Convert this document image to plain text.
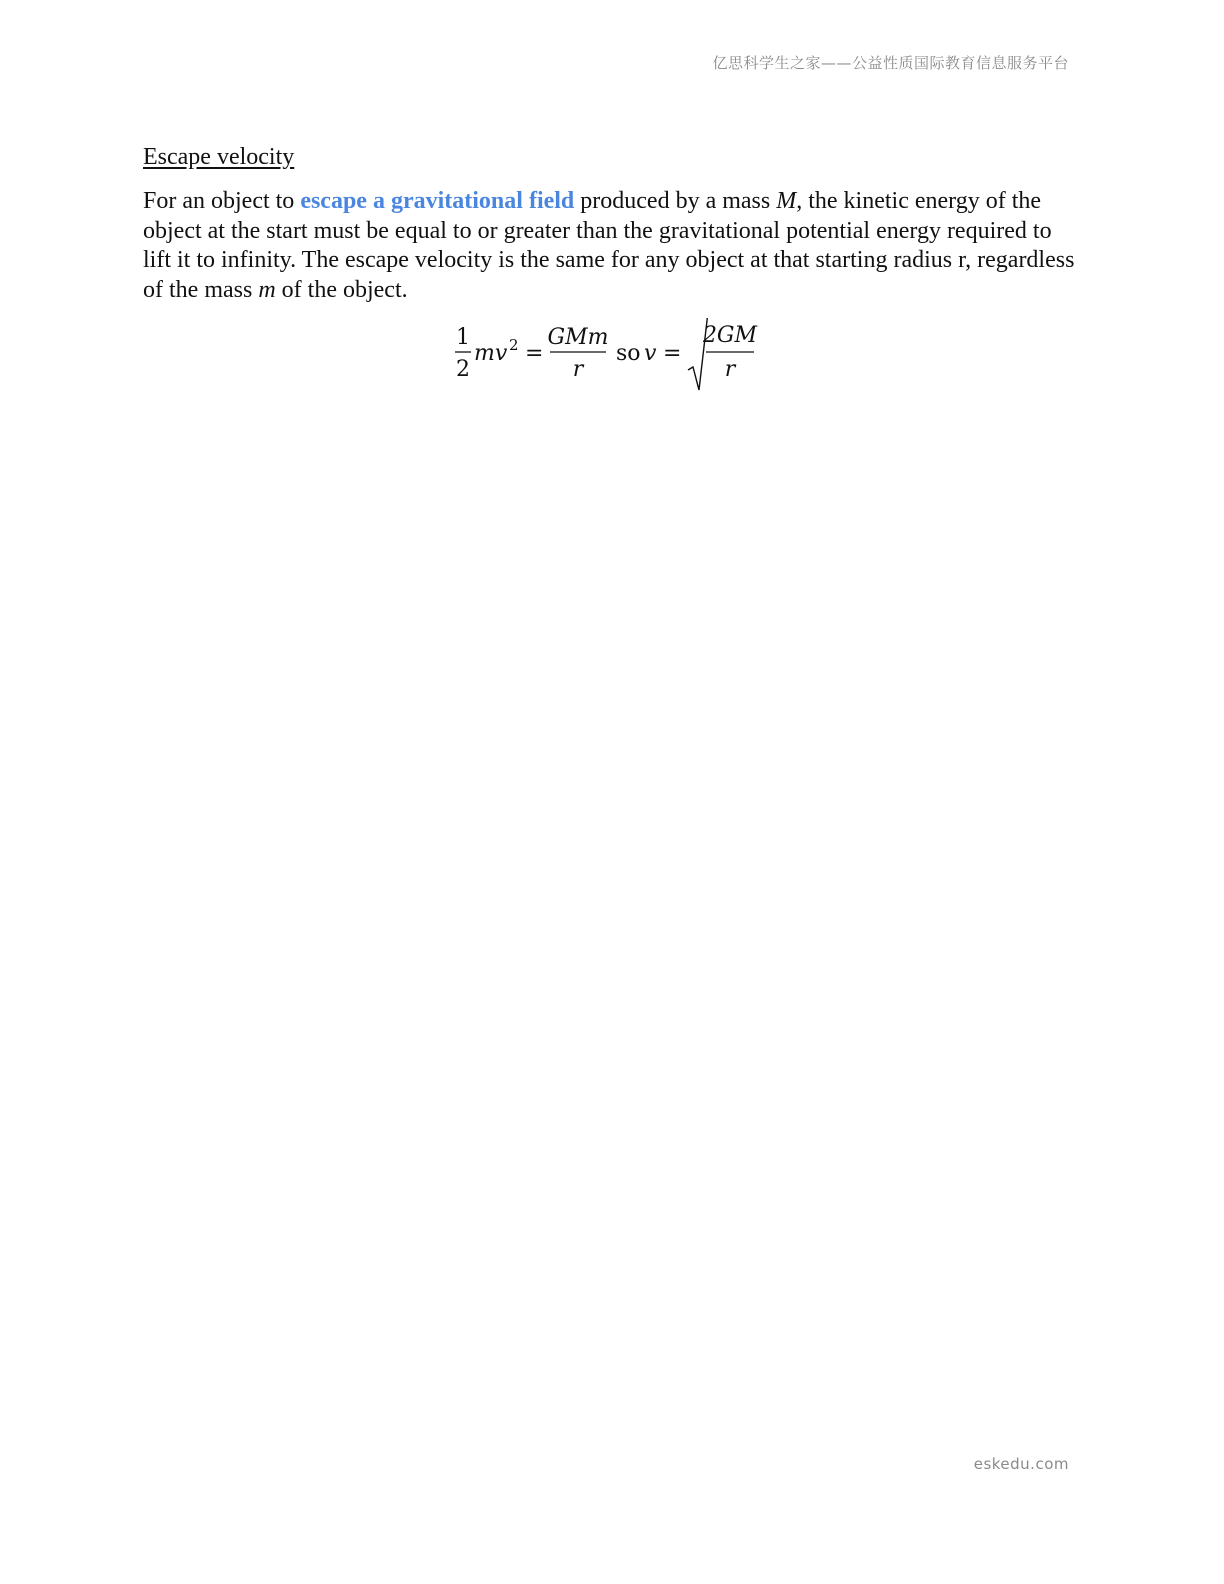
亿思科学生之家——公益性质国际教育信息服务平台
Escape velocity

For an object to escape a gravitational field produced by a mass M, the kinetic energy of the object at the start must be equal to or greater than the gravitational potential energy required to lift it to infinity. The escape velocity is the same for any object at that starting radius r, regardless of the mass m of the object.

1
2
mv 2 =
GMm
r
so v =
2GM
r
eskedu.com
